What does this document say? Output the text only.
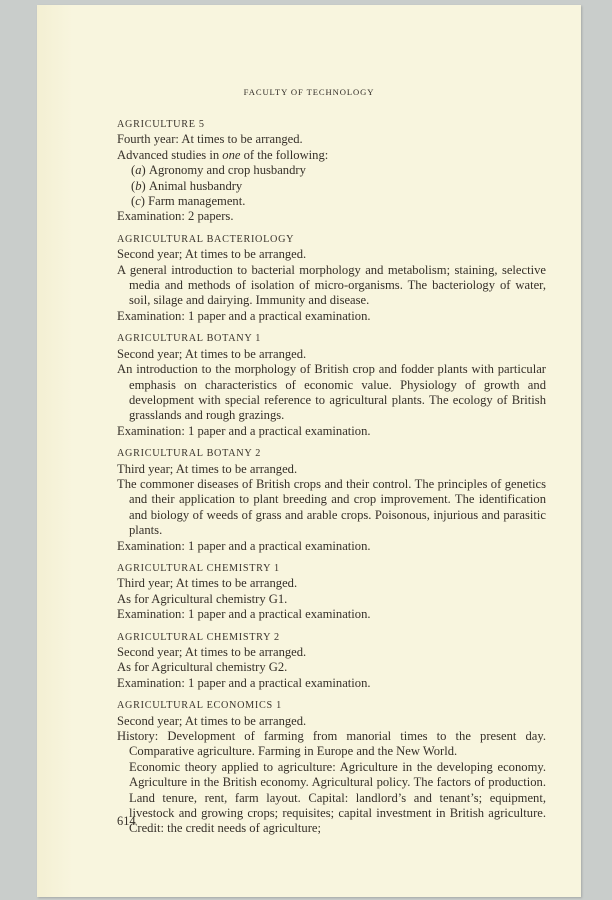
FACULTY OF TECHNOLOGY
AGRICULTURE 5
Fourth year: At times to be arranged.
Advanced studies in one of the following:
(a) Agronomy and crop husbandry
(b) Animal husbandry
(c) Farm management.
Examination: 2 papers.
AGRICULTURAL BACTERIOLOGY
Second year; At times to be arranged.
A general introduction to bacterial morphology and metabolism; staining, selective media and methods of isolation of micro-organisms. The bacteriology of water, soil, silage and dairying. Immunity and disease.
Examination: 1 paper and a practical examination.
AGRICULTURAL BOTANY 1
Second year; At times to be arranged.
An introduction to the morphology of British crop and fodder plants with particular emphasis on characteristics of economic value. Physiology of growth and development with special reference to agricultural plants. The ecology of British grasslands and rough grazings.
Examination: 1 paper and a practical examination.
AGRICULTURAL BOTANY 2
Third year; At times to be arranged.
The commoner diseases of British crops and their control. The principles of genetics and their application to plant breeding and crop improvement. The identification and biology of weeds of grass and arable crops. Poisonous, injurious and parasitic plants.
Examination: 1 paper and a practical examination.
AGRICULTURAL CHEMISTRY 1
Third year; At times to be arranged.
As for Agricultural chemistry G1.
Examination: 1 paper and a practical examination.
AGRICULTURAL CHEMISTRY 2
Second year; At times to be arranged.
As for Agricultural chemistry G2.
Examination: 1 paper and a practical examination.
AGRICULTURAL ECONOMICS 1
Second year; At times to be arranged.
History: Development of farming from manorial times to the present day. Comparative agriculture. Farming in Europe and the New World.
Economic theory applied to agriculture: Agriculture in the developing economy. Agriculture in the British economy. Agricultural policy. The factors of production. Land tenure, rent, farm layout. Capital: landlord’s and tenant’s; equipment, livestock and growing crops; requisites; capital investment in British agriculture. Credit: the credit needs of agriculture;
614
